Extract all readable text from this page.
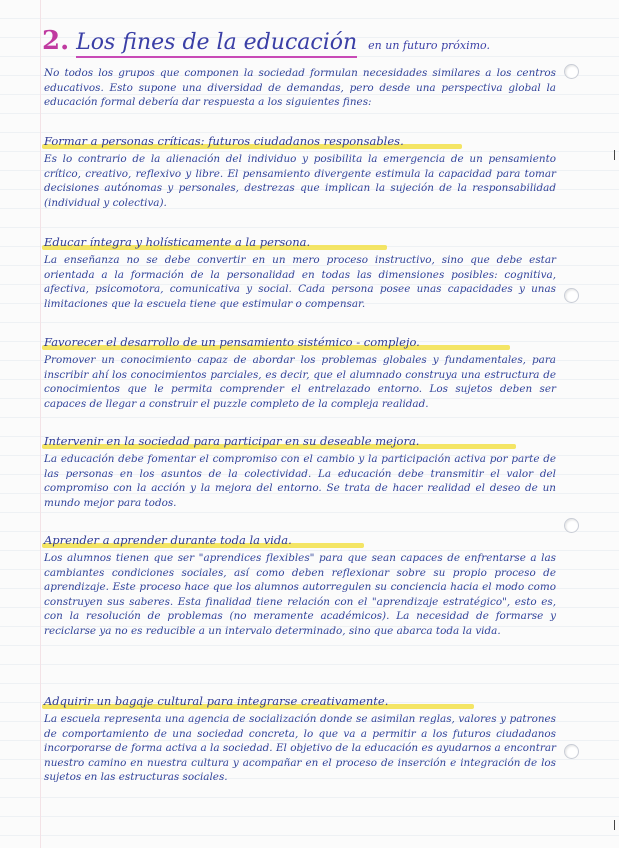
2. Los fines de la educación en un futuro próximo.
No todos los grupos que componen la sociedad formulan necesidades similares a los centros educativos. Esto supone una diversidad de demandas, pero desde una perspectiva global la educación formal debería dar respuesta a los siguientes fines:
Formar a personas críticas: futuros ciudadanos responsables.
Es lo contrario de la alienación del individuo y posibilita la emergencia de un pensamiento crítico, creativo, reflexivo y libre. El pensamiento divergente estimula la capacidad para tomar decisiones autónomas y personales, destrezas que implican la sujeción de la responsabilidad (individual y colectiva).
Educar íntegra y holísticamente a la persona.
La enseñanza no se debe convertir en un mero proceso instructivo, sino que debe estar orientada a la formación de la personalidad en todas las dimensiones posibles: cognitiva, afectiva, psicomotora, comunicativa y social. Cada persona posee unas capacidades y unas limitaciones que la escuela tiene que estimular o compensar.
Favorecer el desarrollo de un pensamiento sistémico - complejo.
Promover un conocimiento capaz de abordar los problemas globales y fundamentales, para inscribir ahí los conocimientos parciales, es decir, que el alumnado construya una estructura de conocimientos que le permita comprender el entrelazado entorno. Los sujetos deben ser capaces de llegar a construir el puzzle completo de la compleja realidad.
Intervenir en la sociedad para participar en su deseable mejora.
La educación debe fomentar el compromiso con el cambio y la participación activa por parte de las personas en los asuntos de la colectividad. La educación debe transmitir el valor del compromiso con la acción y la mejora del entorno. Se trata de hacer realidad el deseo de un mundo mejor para todos.
Aprender a aprender durante toda la vida.
Los alumnos tienen que ser "aprendices flexibles" para que sean capaces de enfrentarse a las cambiantes condiciones sociales, así como deben reflexionar sobre su propio proceso de aprendizaje. Este proceso hace que los alumnos autorregulen su conciencia hacia el modo como construyen sus saberes. Esta finalidad tiene relación con el "aprendizaje estratégico", esto es, con la resolución de problemas (no meramente académicos). La necesidad de formarse y reciclarse ya no es reducible a un intervalo determinado, sino que abarca toda la vida.
Adquirir un bagaje cultural para integrarse creativamente.
La escuela representa una agencia de socialización donde se asimilan reglas, valores y patrones de comportamiento de una sociedad concreta, lo que va a permitir a los futuros ciudadanos incorporarse de forma activa a la sociedad. El objetivo de la educación es ayudarnos a encontrar nuestro camino en nuestra cultura y acompañar en el proceso de inserción e integración de los sujetos en las estructuras sociales.
